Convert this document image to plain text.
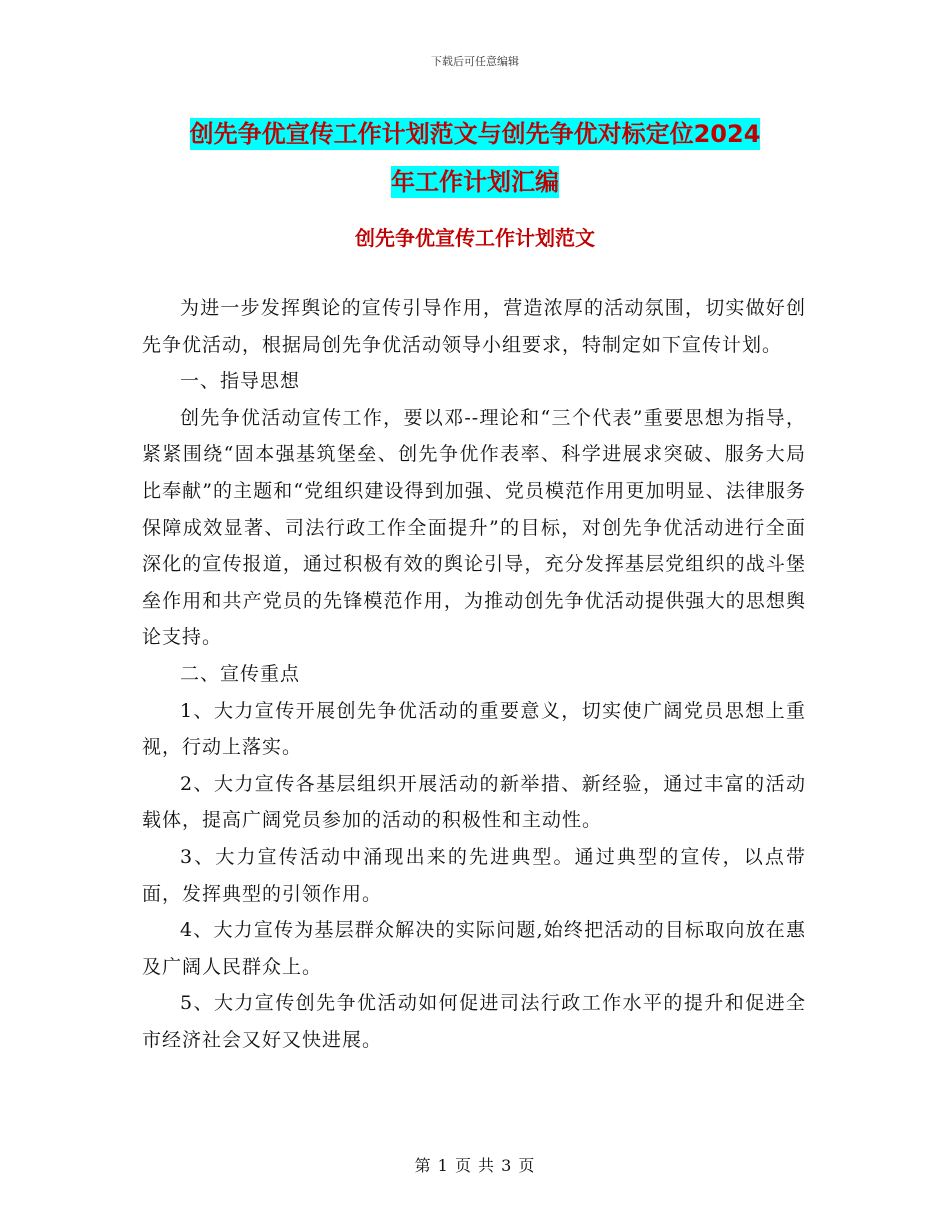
下载后可任意编辑
创先争优宣传工作计划范文与创先争优对标定位2024
年工作计划汇编
创先争优宣传工作计划范文

为进一步发挥舆论的宣传引导作用，营造浓厚的活动氛围，切实做好创先争优活动，根据局创先争优活动领导小组要求，特制定如下宣传计划。

一、指导思想

创先争优活动宣传工作，要以邓--理论和“三个代表”重要思想为指导，紧紧围绕“固本强基筑堡垒、创先争优作表率、科学进展求突破、服务大局比奉献”的主题和“党组织建设得到加强、党员模范作用更加明显、法律服务保障成效显著、司法行政工作全面提升”的目标，对创先争优活动进行全面深化的宣传报道，通过积极有效的舆论引导，充分发挥基层党组织的战斗堡垒作用和共产党员的先锋模范作用，为推动创先争优活动提供强大的思想舆论支持。

二、宣传重点

1、大力宣传开展创先争优活动的重要意义，切实使广阔党员思想上重视，行动上落实。

2、大力宣传各基层组织开展活动的新举措、新经验，通过丰富的活动载体，提高广阔党员参加的活动的积极性和主动性。

3、大力宣传活动中涌现出来的先进典型。通过典型的宣传，以点带面，发挥典型的引领作用。

4、大力宣传为基层群众解决的实际问题,始终把活动的目标取向放在惠及广阔人民群众上。

5、大力宣传创先争优活动如何促进司法行政工作水平的提升和促进全市经济社会又好又快进展。

第 1 页 共 3 页
